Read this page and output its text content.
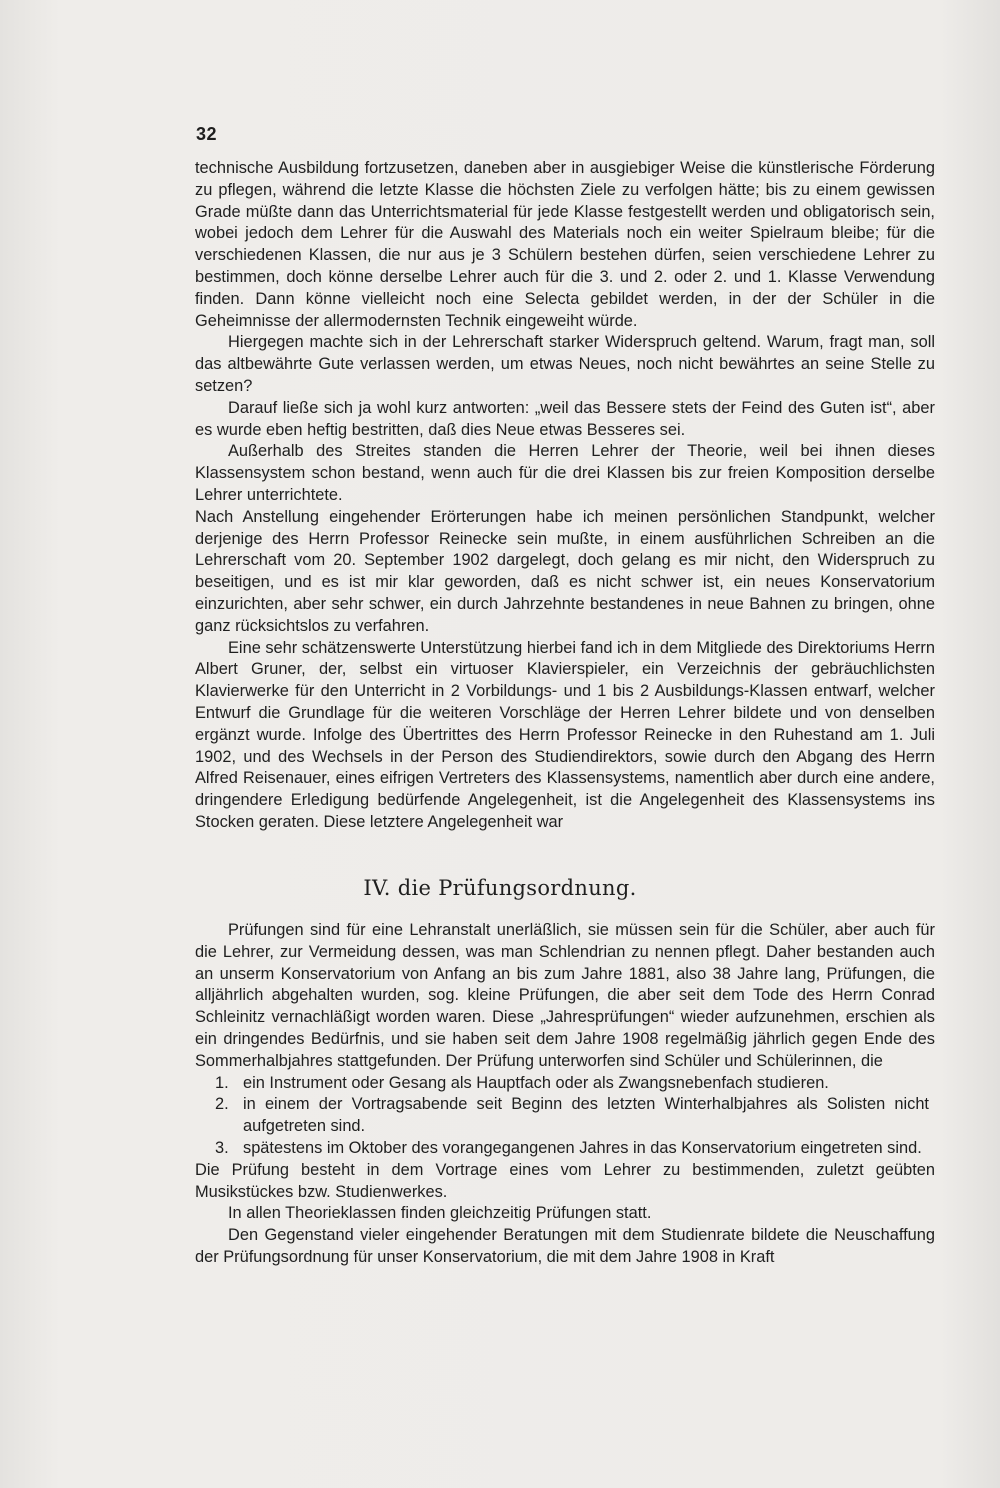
32

technische Ausbildung fortzusetzen, daneben aber in ausgiebiger Weise die künstlerische Förderung zu pflegen, während die letzte Klasse die höchsten Ziele zu verfolgen hätte; bis zu einem gewissen Grade müßte dann das Unterrichtsmaterial für jede Klasse festgestellt werden und obligatorisch sein, wobei jedoch dem Lehrer für die Auswahl des Materials noch ein weiter Spielraum bleibe; für die verschiedenen Klassen, die nur aus je 3 Schülern bestehen dürfen, seien verschiedene Lehrer zu bestimmen, doch könne derselbe Lehrer auch für die 3. und 2. oder 2. und 1. Klasse Verwendung finden. Dann könne vielleicht noch eine Selecta gebildet werden, in der der Schüler in die Geheimnisse der allermodernsten Technik eingeweiht würde.

Hiergegen machte sich in der Lehrerschaft starker Widerspruch geltend. Warum, fragt man, soll das altbewährte Gute verlassen werden, um etwas Neues, noch nicht bewährtes an seine Stelle zu setzen?

Darauf ließe sich ja wohl kurz antworten: „weil das Bessere stets der Feind des Guten ist“, aber es wurde eben heftig bestritten, daß dies Neue etwas Besseres sei.

Außerhalb des Streites standen die Herren Lehrer der Theorie, weil bei ihnen dieses Klassensystem schon bestand, wenn auch für die drei Klassen bis zur freien Komposition derselbe Lehrer unterrichtete.

Nach Anstellung eingehender Erörterungen habe ich meinen persönlichen Standpunkt, welcher derjenige des Herrn Professor Reinecke sein mußte, in einem ausführlichen Schreiben an die Lehrerschaft vom 20. September 1902 dargelegt, doch gelang es mir nicht, den Widerspruch zu beseitigen, und es ist mir klar geworden, daß es nicht schwer ist, ein neues Konservatorium einzurichten, aber sehr schwer, ein durch Jahrzehnte bestandenes in neue Bahnen zu bringen, ohne ganz rücksichtslos zu verfahren.

Eine sehr schätzenswerte Unterstützung hierbei fand ich in dem Mitgliede des Direktoriums Herrn Albert Gruner, der, selbst ein virtuoser Klavierspieler, ein Verzeichnis der gebräuchlichsten Klavierwerke für den Unterricht in 2 Vorbildungs- und 1 bis 2 Ausbildungs-Klassen entwarf, welcher Entwurf die Grundlage für die weiteren Vorschläge der Herren Lehrer bildete und von denselben ergänzt wurde. Infolge des Übertrittes des Herrn Professor Reinecke in den Ruhestand am 1. Juli 1902, und des Wechsels in der Person des Studiendirektors, sowie durch den Abgang des Herrn Alfred Reisenauer, eines eifrigen Vertreters des Klassensystems, namentlich aber durch eine andere, dringendere Erledigung bedürfende Angelegenheit, ist die Angelegenheit des Klassensystems ins Stocken geraten. Diese letztere Angelegenheit war

IV. die Prüfungsordnung.

Prüfungen sind für eine Lehranstalt unerläßlich, sie müssen sein für die Schüler, aber auch für die Lehrer, zur Vermeidung dessen, was man Schlendrian zu nennen pflegt. Daher bestanden auch an unserm Konservatorium von Anfang an bis zum Jahre 1881, also 38 Jahre lang, Prüfungen, die alljährlich abgehalten wurden, sog. kleine Prüfungen, die aber seit dem Tode des Herrn Conrad Schleinitz vernachläßigt worden waren. Diese „Jahresprüfungen“ wieder aufzunehmen, erschien als ein dringendes Bedürfnis, und sie haben seit dem Jahre 1908 regelmäßig jährlich gegen Ende des Sommerhalbjahres stattgefunden. Der Prüfung unterworfen sind Schüler und Schülerinnen, die

1. ein Instrument oder Gesang als Hauptfach oder als Zwangsnebenfach studieren.
2. in einem der Vortragsabende seit Beginn des letzten Winterhalbjahres als Solisten nicht aufgetreten sind.
3. spätestens im Oktober des vorangegangenen Jahres in das Konservatorium eingetreten sind.

Die Prüfung besteht in dem Vortrage eines vom Lehrer zu bestimmenden, zuletzt geübten Musikstückes bzw. Studienwerkes.

In allen Theorieklassen finden gleichzeitig Prüfungen statt.

Den Gegenstand vieler eingehender Beratungen mit dem Studienrate bildete die Neuschaffung der Prüfungsordnung für unser Konservatorium, die mit dem Jahre 1908 in Kraft
